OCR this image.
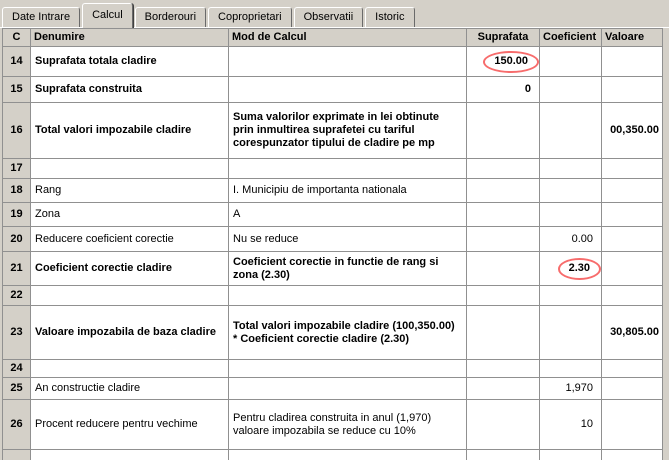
Date Intrare	Calcul	Borderouri	Coproprietari	Observatii	Istoric
C	Denumire	Mod de Calcul	Suprafata	Coeficient	Valoare
14	Suprafata totala cladire		150.00		
15	Suprafata construita		0		
16	Total valori impozabile cladire	Suma valorilor exprimate in lei obtinute prin inmultirea suprafetei cu tariful corespunzator tipului de cladire pe mp			00,350.00
17					
18	Rang	I. Municipiu de importanta nationala			
19	Zona	A			
20	Reducere coeficient corectie	Nu se reduce		0.00	
21	Coeficient corectie cladire	Coeficient corectie in functie de rang si zona (2.30)		2.30	
22					
23	Valoare impozabila de baza cladire	Total valori impozabile cladire (100,350.00) * Coeficient corectie cladire (2.30)			30,805.00
24					
25	An constructie cladire			1,970	
26	Procent reducere pentru vechime	Pentru cladirea construita in anul (1,970) valoare impozabila se reduce cu 10%		10	
